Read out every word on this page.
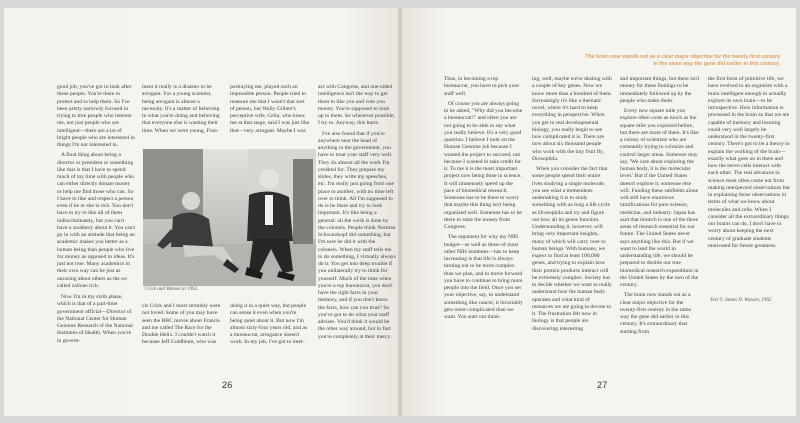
good job, you've got to look after these people. You're there to protect and to help them. So I've been pretty narrowly focused in trying to hire people who interest me, not just people who are intelligent—there are a lot of bright people who are interested in things I'm not interested in.

A final thing about being a director or president or something like that is that I have to spend much of my time with people who can either directly donate money or help me find those who can. So I have to like and respect a person even if he or she is rich. You don't have to try to like all of them indiscriminately, but you can't have a snobbery about it. You can't go in with an attitude that being an academic makes you better as a human being than people who live for money as opposed to ideas. It's just not true. Many academics in their own way can be just as uncaring about others as the so-called callous rich.

Now I'm in my sixth phase, which is that of a part-time government official—Director of the National Center for Human Genome Research of the National Institutes of Health. When you're in govern-

ment it really is a disaster to be arrogant. For a young scientist, being arrogant is almost a necessity. It's a matter of believing in what you're doing and believing that everyone else is wasting their time. When we were young, Fran-

cis Crick and I most certainly were not loved. Some of you may have seen the BBC movie about Francis and me called The Race for the Double Helix. I couldn't watch it because Jeff Goldblum, who was

portraying me, played such an impossible person. People tried to reassure me that I wasn't that sort of person, but Wally Gilbert's perceptive wife, Celia, who knew me at that stage, said I was just like that—very arrogant. Maybe I was

doing it in a quiet way, but people can sense it even when you're being quiet about it. But now I'm almost sixty-four years old, and as a bureaucrat, arrogance doesn't work. In my job, I've got to inter-

act with Congress, and one-sided intelligence isn't the way to get them to like you and vote you money. You're supposed to look up to them. So whenever possible, I try to. Anyway, this hurts.

I've also found that if you're anywhere near the head of anything in the government, you have to treat your staff very well. They do almost all the work I'm credited for. They prepare my slides, they write my speeches, etc. I'm really just going from one place to another, with no time left over to think. All I'm supposed to do is be there and try to look important. It's like being a general: all the work is done by the colonels. People think Norman Schwarzkopf did something, but I'm sure he did it with the colonels. When my staff tells me to do something, I virtually always do it. You get into deep trouble if you unilaterally try to think for yourself. Much of the time when you're a top bureaucrat, you don't have the right facts in your memory, and if you don't know the facts, how can you trust? So you've got to do what your staff advises. You'd think it would be the other way around, but in fact you're completely at their mercy.

Photo © 1992 Ken Regan
Crick and Watson in 1992.
26

Thus, in becoming a top bureaucrat, you have to pick your staff well.

Of course you are always going to be asked, "Why did you become a bureaucrat?" and often you are not going to be able to say what you really believe. It's a very good question. I believe I took on the Human Genome job because I wanted the project to succeed, not because I wanted to take credit for it. To me it is the most important project now being done in science. It will immensely speed up the pace of biomedical research. Someone has to be there to worry that maybe this thing isn't being organized well. Someone has to be there to raise the money from Congress.

The argument for why my NIH budget—as well as those of most other NIH institutes—has to keep increasing is that life is always turning out to be more complex than we plan, and to move forward you have to continue to bring more people into the field. Once you set your objective, say, to understand something like cancer, it invariably gets more complicated than we want. You start out think-

ing, well, maybe we're dealing with a couple of key genes. Now we know more than a hundred of them. Increasingly it's like a thematic novel, where it's hard to keep everything in perspective. When you get to real developmental biology, you really begin to see how complicated it is. There are now about six thousand people who work with the tiny fruit fly, Drosophila.

When you consider the fact that some people spend their entire lives studying a single molecule, you see what a tremendous undertaking it is to study something with as long a life cycle as Drosophila and try and figure out how all its genes function. Understanding it, however, will bring very important insights, many of which will carry over to human beings. With humans, we expect to find at least 100,000 genes, and trying to explain how their protein products interact will be extremely complex. Society has to decide whether we want to really understand how the human body operates and what kind of resources we are going to devote to it. The frustration felt now in biology is that people are discovering interesting

and important things, but there isn't money for these findings to be immediately followed up by the people who make them.

Every new square mile you explore often costs as much as the square mile you explored before, but there are more of them. It's like a colony of scientists who are constantly trying to colonize and control larger areas. Someone may say, 'We care about exploring the human body, it is the molecular level.' But if the United States doesn't explore it, someone else will. Funding these subfields alone will still have enormous ramifications for pure science, medicine, and industry. Japan has said that biotech is one of the three areas of research essential for our future. The United States never says anything like this. But if we want to lead the world in understanding life, we should be prepared to double our true biomedical research expenditure in the United States by the turn of the century.

The brain now stands out as a clear major objective for the twenty-first century in the same way the gene did earlier in this century. It's extraordinary that starting from

the first form of primitive life, we have evolved to an organism with a brain intelligent enough to actually explore its own brain—to be introspective. How information is processed in the brain so that we are capable of memory and learning could very well largely be understood in the twenty-first century. There's got to be a theory to explain the working of the brain—exactly what goes on in there and how the nerve cells interact with each other. The real advances in science most often come not from making unexpected observations but in explaining those observations in terms of what we know about molecules and cells. When I consider all the extraordinary things our brains can do, I don't have to worry about keeping the next century of graduate students motivated for future greatness.

Text © James D. Watson, 1992
27
The brain now stands out as a clear major objective for the twenty-first century
in the same way the gene did earlier in this century.
